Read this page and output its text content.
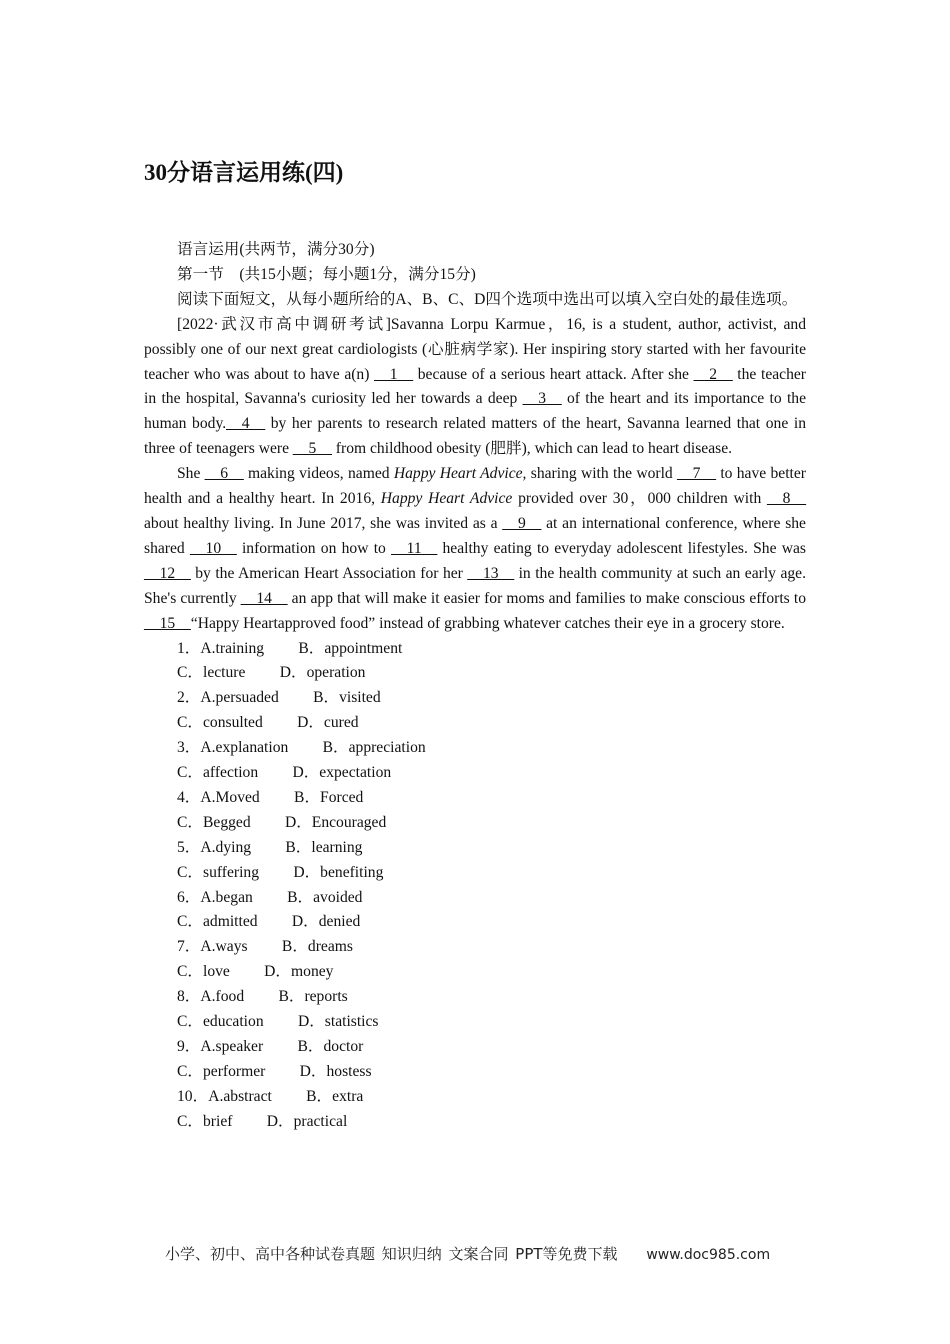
30分语言运用练(四)

语言运用(共两节，满分30分)

第一节　(共15小题；每小题1分，满分15分)

阅读下面短文，从每小题所给的A、B、C、D四个选项中选出可以填入空白处的最佳选项。

[2022·武汉市高中调研考试]Savanna Lorpu Karmue，16, is a student, author, activist, and possibly one of our next great cardiologists (心脏病学家). Her inspiring story started with her favourite teacher who was about to have a(n) __1__ because of a serious heart attack. After she __2__ the teacher in the hospital, Savanna's curiosity led her towards a deep __3__ of the heart and its importance to the human body.__4__ by her parents to research related matters of the heart, Savanna learned that one in three of teenagers were __5__ from childhood obesity (肥胖), which can lead to heart disease.

She __6__ making videos, named Happy Heart Advice, sharing with the world __7__ to have better health and a healthy heart. In 2016, Happy Heart Advice provided over 30，000 children with __8__ about healthy living. In June 2017, she was invited as a __9__ at an international conference, where she shared __10__ information on how to __11__ healthy eating to everyday adolescent lifestyles. She was __12__ by the American Heart Association for her __13__ in the health community at such an early age. She's currently __14__ an app that will make it easier for moms and families to make conscious efforts to __15__“Happy Heartapproved food” instead of grabbing whatever catches their eye in a grocery store.

1．A.training B．appointment
C．lecture D．operation
2．A.persuaded B．visited
C．consulted D．cured
3．A.explanation B．appreciation
C．affection D．expectation
4．A.Moved B．Forced
C．Begged D．Encouraged
5．A.dying B．learning
C．suffering D．benefiting
6．A.began B．avoided
C．admitted D．denied
7．A.ways B．dreams
C．love D．money
8．A.food B．reports
C．education D．statistics
9．A.speaker B．doctor
C．performer D．hostess
10．A.abstract B．extra
C．brief D．practical
小学、初中、高中各种试卷真题 知识归纳 文案合同 PPT等免费下载 www.doc985.com
